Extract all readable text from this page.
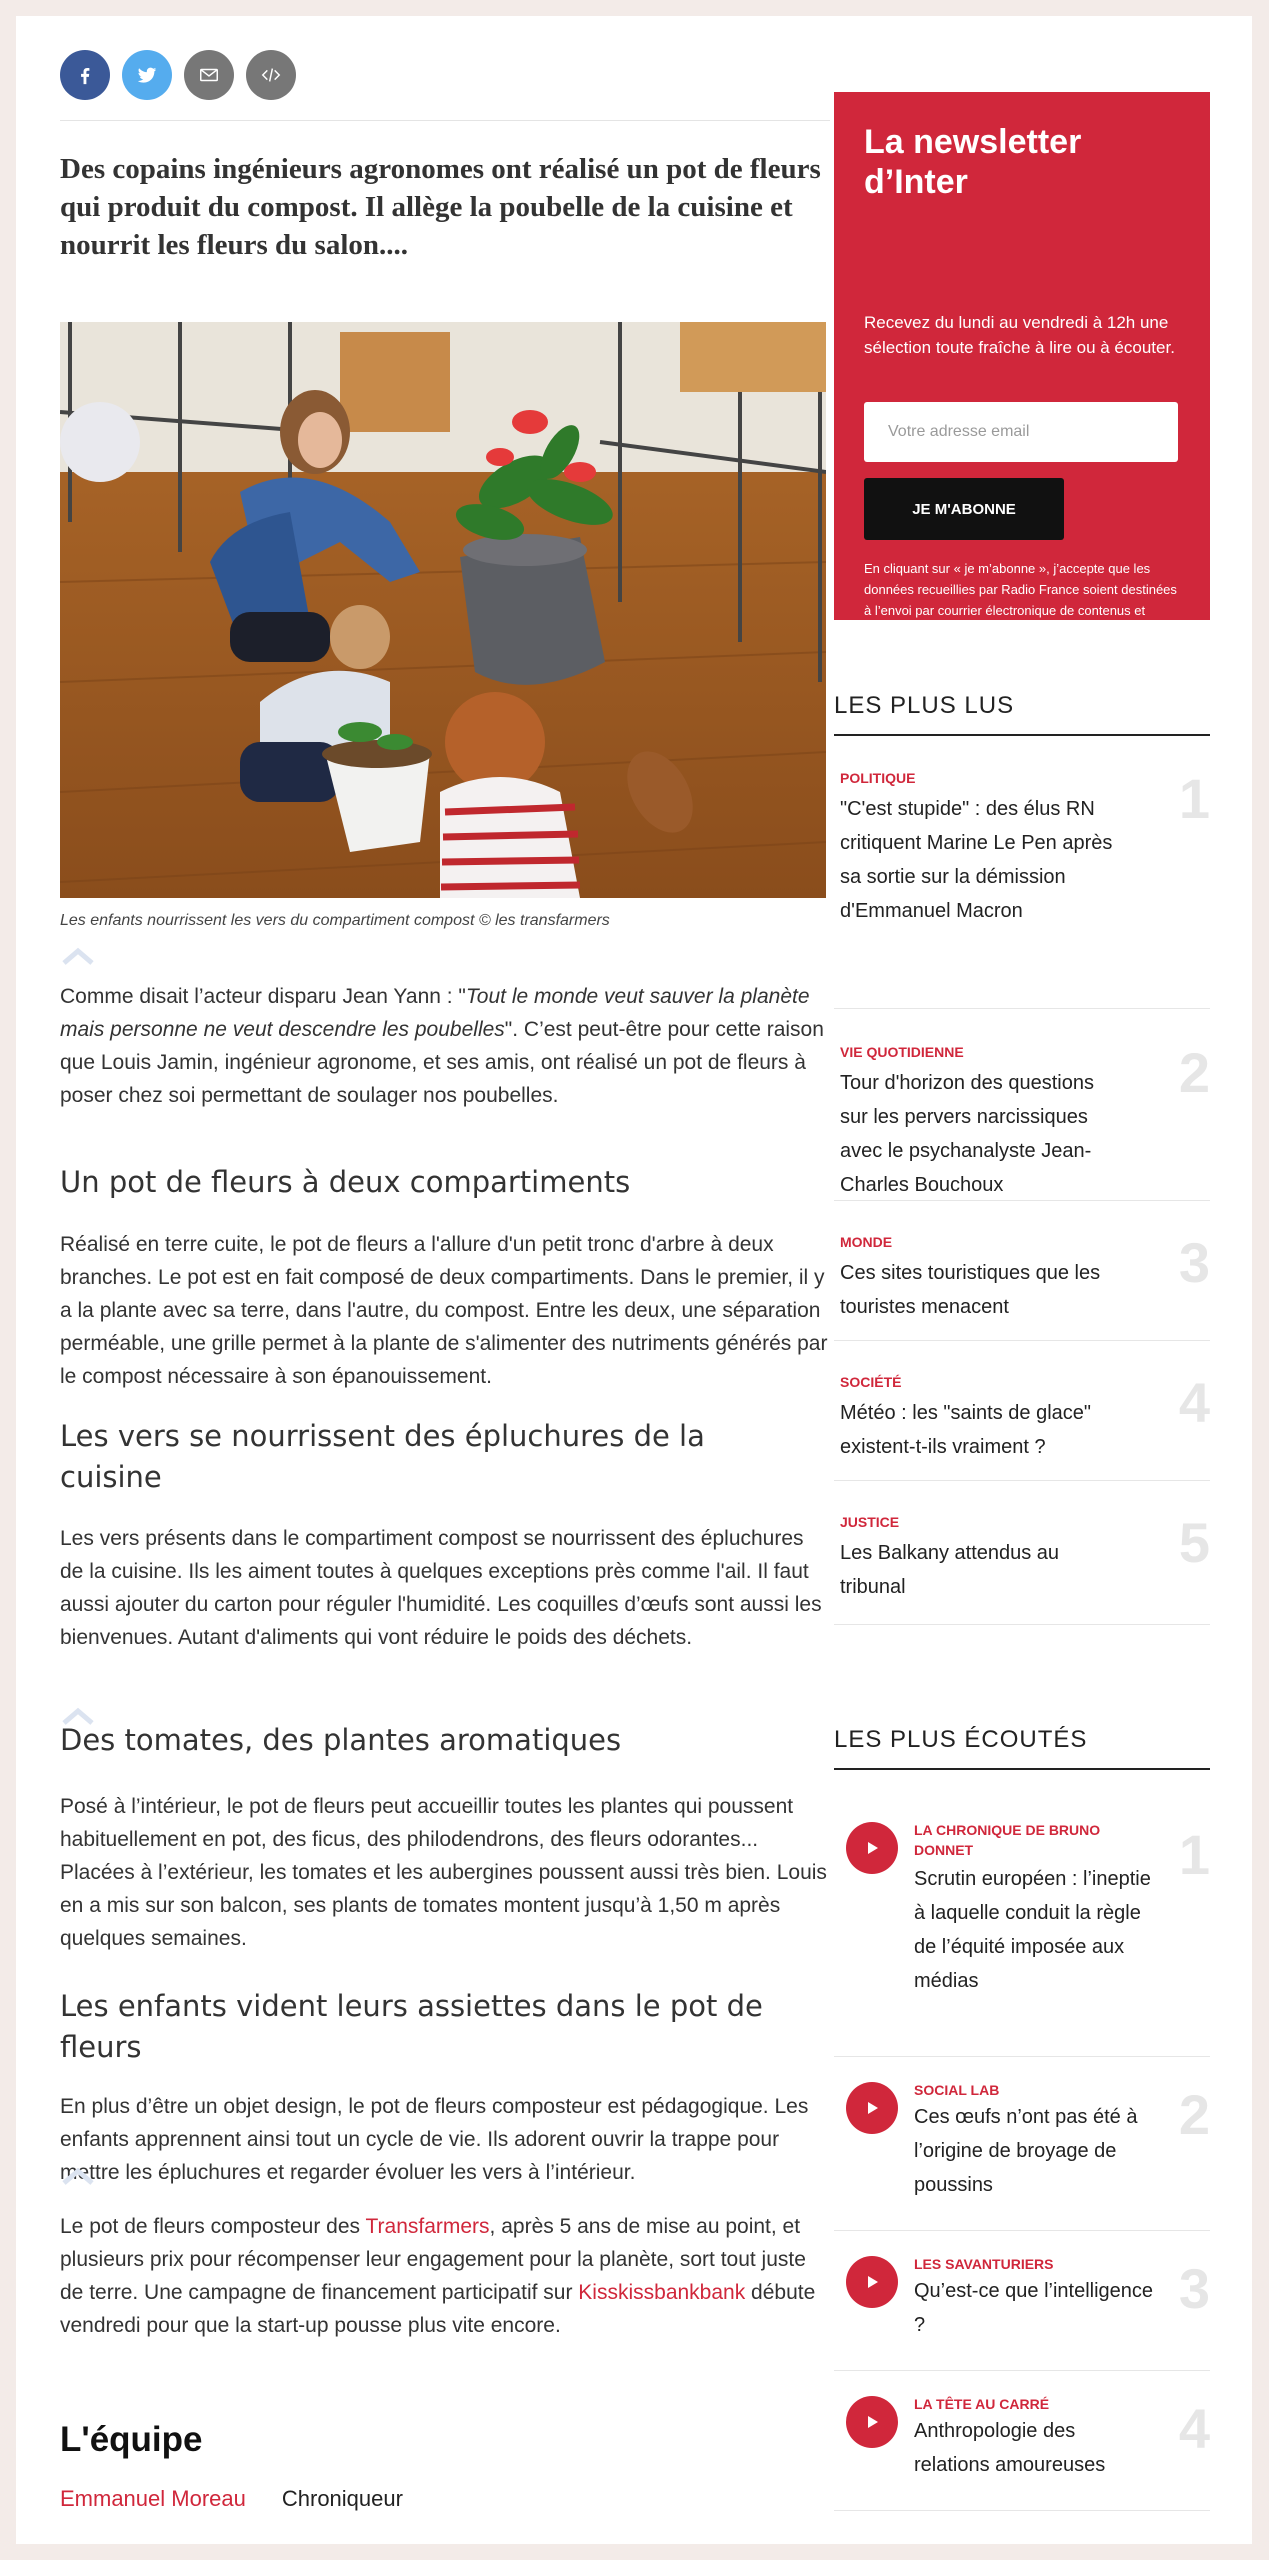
Des copains ingénieurs agronomes ont réalisé un pot de fleurs qui produit du compost. Il allège la poubelle de la cuisine et nourrit les fleurs du salon....
Les enfants nourrissent les vers du compartiment compost © les transfarmers

Comme disait l’acteur disparu Jean Yann : "Tout le monde veut sauver la planète mais personne ne veut descendre les poubelles". C’est peut-être pour cette raison que Louis Jamin, ingénieur agronome, et ses amis, ont réalisé un pot de fleurs à poser chez soi permettant de soulager nos poubelles.

Un pot de fleurs à deux compartiments

Réalisé en terre cuite, le pot de fleurs a l'allure d'un petit tronc d'arbre à deux branches. Le pot est en fait composé de deux compartiments. Dans le premier, il y a la plante avec sa terre, dans l'autre, du compost. Entre les deux, une séparation perméable, une grille permet à la plante de s'alimenter des nutriments générés par le compost nécessaire à son épanouissement.

Les vers se nourrissent des épluchures de la cuisine

Les vers présents dans le compartiment compost se nourrissent des épluchures de la cuisine. Ils les aiment toutes à quelques exceptions près comme l'ail. Il faut aussi ajouter du carton pour réguler l'humidité. Les coquilles d’œufs sont aussi les bienvenues. Autant d'aliments qui vont réduire le poids des déchets.

Des tomates, des plantes aromatiques

Posé à l’intérieur, le pot de fleurs peut accueillir toutes les plantes qui poussent habituellement en pot, des ficus, des philodendrons, des fleurs odorantes... Placées à l’extérieur, les tomates et les aubergines poussent aussi très bien. Louis en a mis sur son balcon, ses plants de tomates montent jusqu’à 1,50 m après quelques semaines.

Les enfants vident leurs assiettes dans le pot de fleurs

En plus d’être un objet design, le pot de fleurs composteur est pédagogique. Les enfants apprennent ainsi tout un cycle de vie. Ils adorent ouvrir la trappe pour mettre les épluchures et regarder évoluer les vers à l’intérieur.

Le pot de fleurs composteur des Transfarmers, après 5 ans de mise au point, et plusieurs prix pour récompenser leur engagement pour la planète, sort tout juste de terre. Une campagne de financement participatif sur Kisskissbankbank débute vendredi pour que la start-up pousse plus vite encore.

L'équipe
Emmanuel Moreau Chroniqueur
La newsletter d’Inter
Recevez du lundi au vendredi à 12h une sélection toute fraîche à lire ou à écouter.
Votre adresse email
JE M'ABONNE
En cliquant sur « je m’abonne », j’accepte que les données recueillies par Radio France soient destinées à l’envoi par courrier électronique de contenus et d’informations relatifs aux programmes.
LES PLUS LUS
POLITIQUE
"C'est stupide" : des élus RN critiquent Marine Le Pen après sa sortie sur la démission d'Emmanuel Macron
1
VIE QUOTIDIENNE
Tour d'horizon des questions sur les pervers narcissiques avec le psychanalyste Jean-Charles Bouchoux
2
MONDE
Ces sites touristiques que les touristes menacent
3
SOCIÉTÉ
Météo : les "saints de glace" existent-t-ils vraiment ?
4
JUSTICE
Les Balkany attendus au tribunal
5
LES PLUS ÉCOUTÉS
LA CHRONIQUE DE BRUNO DONNET
Scrutin européen : l’ineptie à laquelle conduit la règle de l’équité imposée aux médias
1
SOCIAL LAB
Ces œufs n’ont pas été à l’origine de broyage de poussins
2
LES SAVANTURIERS
Qu’est-ce que l’intelligence ?
3
LA TÊTE AU CARRÉ
Anthropologie des relations amoureuses
4
